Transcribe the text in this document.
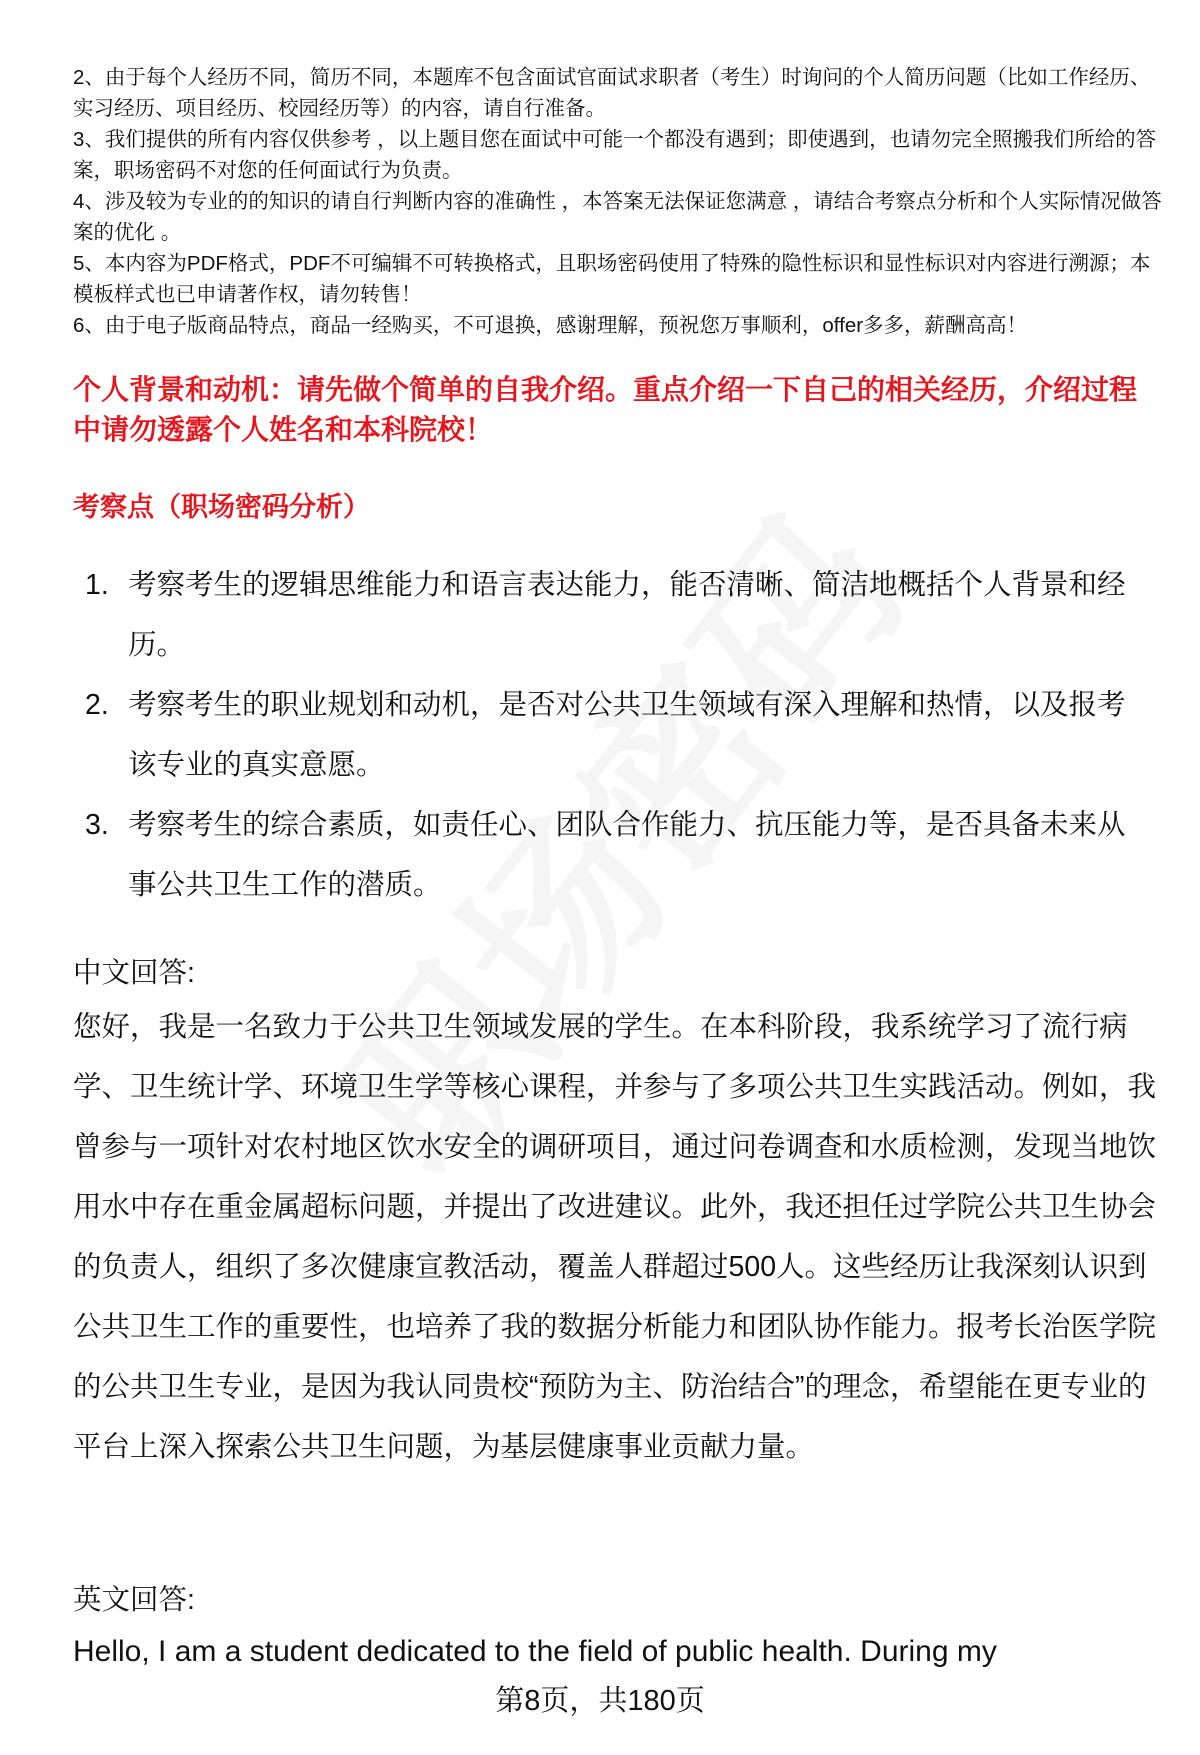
2、由于每个人经历不同，简历不同，本题库不包含面试官面试求职者（考生）时询问的个人简历问题（比如工作经历、实习经历、项目经历、校园经历等）的内容，请自行准备。

3、我们提供的所有内容仅供参考 ，以上题目您在面试中可能一个都没有遇到；即使遇到，也请勿完全照搬我们所给的答案，职场密码不对您的任何面试行为负责。

4、涉及较为专业的的知识的请自行判断内容的准确性 ，本答案无法保证您满意 ，请结合考察点分析和个人实际情况做答案的优化 。

5、本内容为PDF格式，PDF不可编辑不可转换格式，且职场密码使用了特殊的隐性标识和显性标识对内容进行溯源；本模板样式也已申请著作权，请勿转售！

6、由于电子版商品特点，商品一经购买，不可退换，感谢理解，预祝您万事顺利，offer多多，薪酬高高！

个人背景和动机：请先做个简单的自我介绍。重点介绍一下自己的相关经历，介绍过程中请勿透露个人姓名和本科院校！
考察点（职场密码分析）
1. 考察考生的逻辑思维能力和语言表达能力，能否清晰、简洁地概括个人背景和经历。
2. 考察考生的职业规划和动机，是否对公共卫生领域有深入理解和热情，以及报考该专业的真实意愿。
3. 考察考生的综合素质，如责任心、团队合作能力、抗压能力等，是否具备未来从事公共卫生工作的潜质。
中文回答:
您好，我是一名致力于公共卫生领域发展的学生。在本科阶段，我系统学习了流行病学、卫生统计学、环境卫生学等核心课程，并参与了多项公共卫生实践活动。例如，我曾参与一项针对农村地区饮水安全的调研项目，通过问卷调查和水质检测，发现当地饮用水中存在重金属超标问题，并提出了改进建议。此外，我还担任过学院公共卫生协会的负责人，组织了多次健康宣教活动，覆盖人群超过500人。这些经历让我深刻认识到公共卫生工作的重要性，也培养了我的数据分析能力和团队协作能力。报考长治医学院的公共卫生专业，是因为我认同贵校“预防为主、防治结合”的理念，希望能在更专业的平台上深入探索公共卫生问题，为基层健康事业贡献力量。
英文回答:
Hello, I am a student dedicated to the field of public health. During my
第8页，共180页
